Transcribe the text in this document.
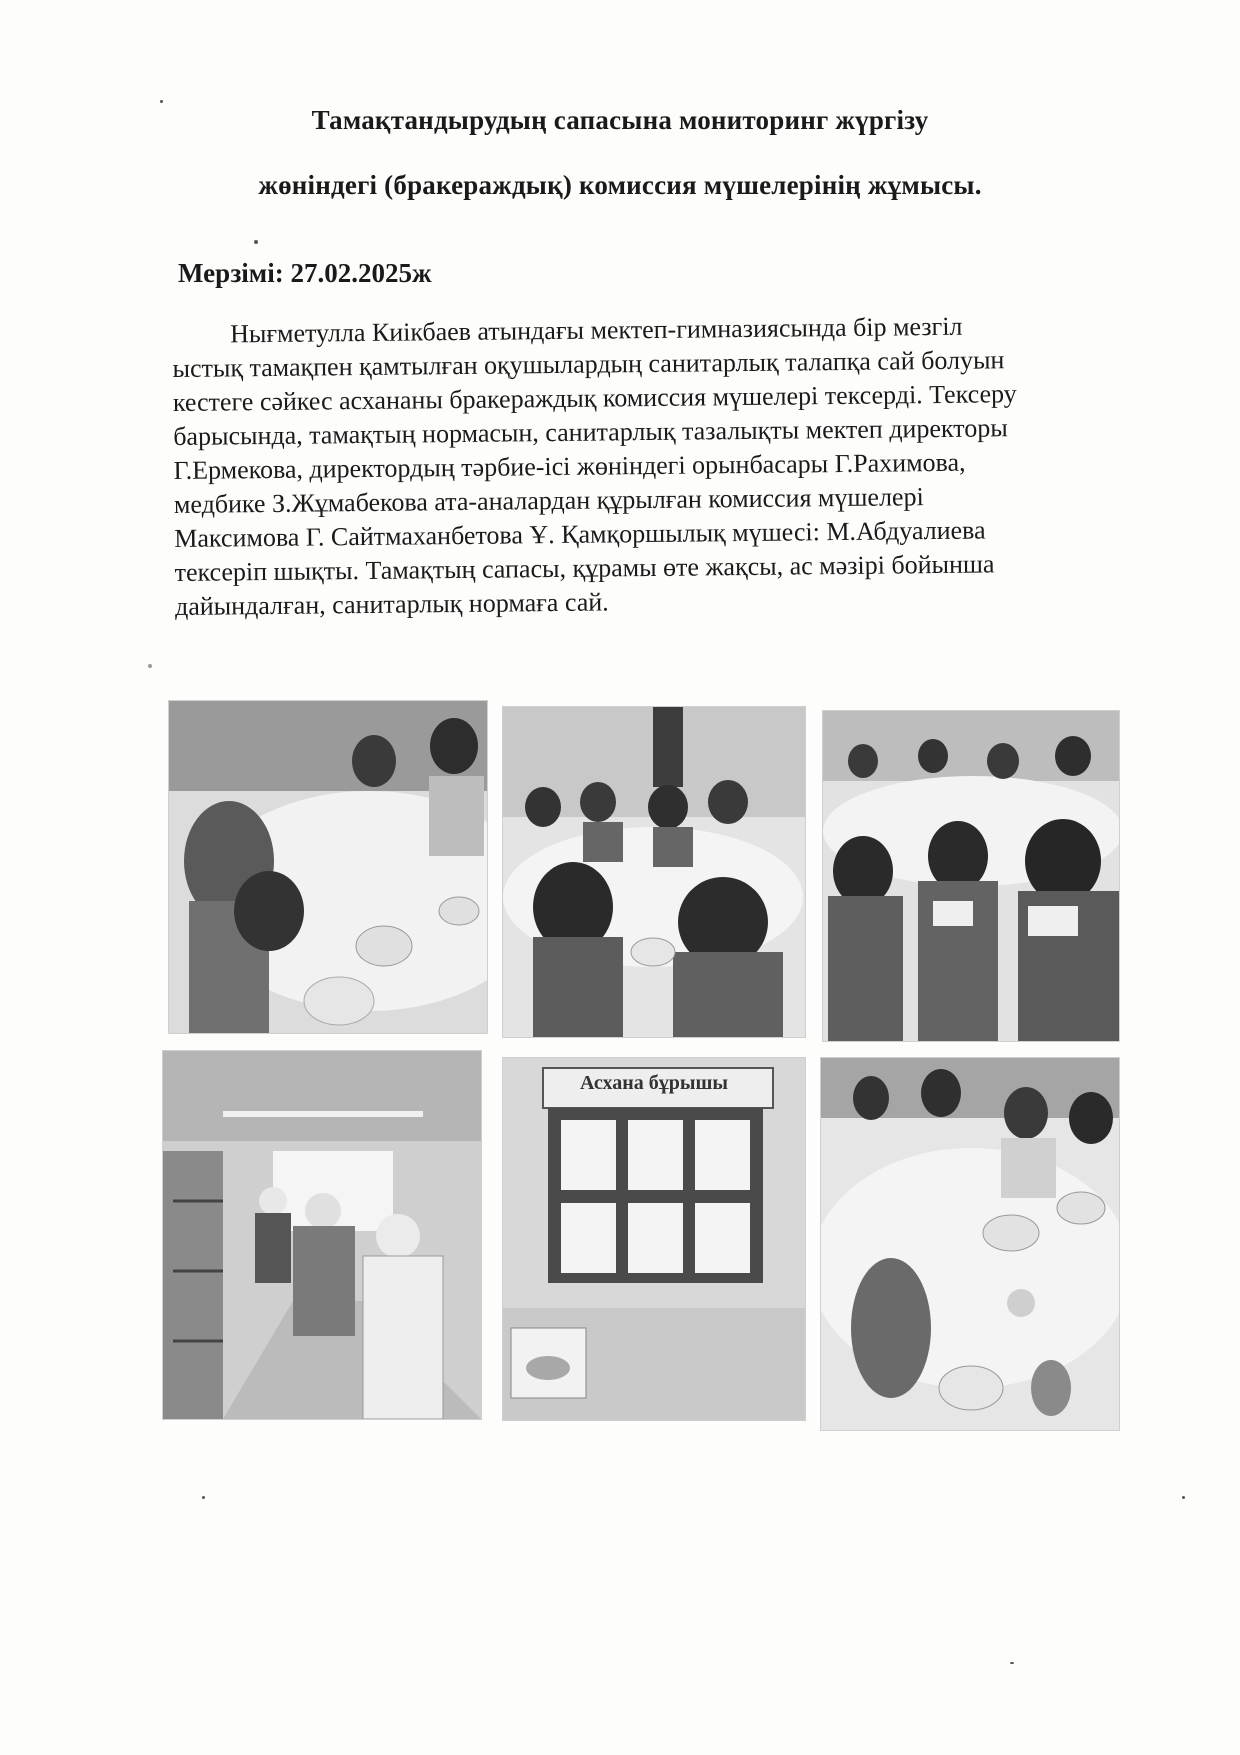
Тамақтандырудың сапасына мониторинг жүргізу
жөніндегі (бракераждық) комиссия мүшелерінің жұмысы.
Мерзімі: 27.02.2025ж

Нығметулла Киікбаев атындағы мектеп-гимназиясында бір мезгіл
ыстық тамақпен қамтылған оқушылардың санитарлық талапқа сай болуын
кестеге сәйкес асхананы бракераждық комиссия мүшелері тексерді. Тексеру
барысында, тамақтың нормасын, санитарлық тазалықты мектеп директоры
Г.Ермекова, директордың тәрбие-ісі жөніндегі орынбасары Г.Рахимова,
медбике З.Жұмабекова ата-аналардан құрылған комиссия мүшелері
Максимова Г. Сайтмаханбетова Ұ. Қамқоршылық мүшесі: М.Абдуалиева
тексеріп шықты. Тамақтың сапасы, құрамы өте жақсы, ас мәзірі бойынша
дайындалған, санитарлық нормаға сай.

Асхана бұрышы
